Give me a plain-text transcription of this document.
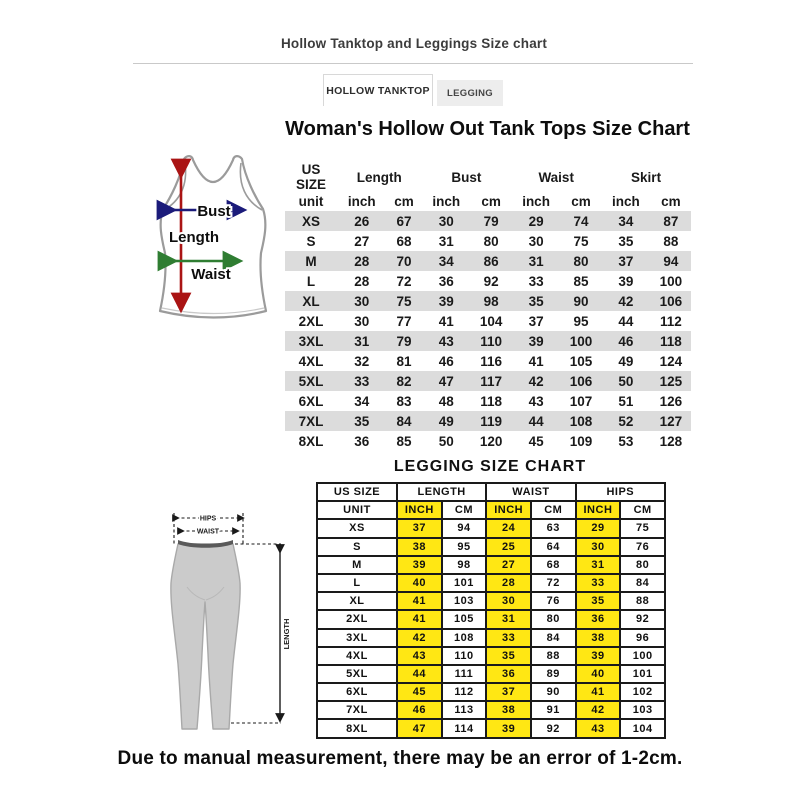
Hollow Tanktop and Leggings Size chart
HOLLOW TANKTOP	LEGGING
Woman's Hollow Out Tank Tops Size Chart
Bust
Length
Waist
US SIZE	Length		Bust		Waist		Skirt	
unit	inch	cm	inch	cm	inch	cm	inch	cm
XS	26	67	30	79	29	74	34	87
S	27	68	31	80	30	75	35	88
M	28	70	34	86	31	80	37	94
L	28	72	36	92	33	85	39	100
XL	30	75	39	98	35	90	42	106
2XL	30	77	41	104	37	95	44	112
3XL	31	79	43	110	39	100	46	118
4XL	32	81	46	116	41	105	49	124
5XL	33	82	47	117	42	106	50	125
6XL	34	83	48	118	43	107	51	126
7XL	35	84	49	119	44	108	52	127
8XL	36	85	50	120	45	109	53	128
LEGGING SIZE CHART
HIPS
WAIST
LENGTH
US SIZE	LENGTH		WAIST		HIPS	
UNIT	INCH	CM	INCH	CM	INCH	CM
XS	37	94	24	63	29	75
S	38	95	25	64	30	76
M	39	98	27	68	31	80
L	40	101	28	72	33	84
XL	41	103	30	76	35	88
2XL	41	105	31	80	36	92
3XL	42	108	33	84	38	96
4XL	43	110	35	88	39	100
5XL	44	111	36	89	40	101
6XL	45	112	37	90	41	102
7XL	46	113	38	91	42	103
8XL	47	114	39	92	43	104
Due to manual measurement, there may be an error of 1-2cm.
